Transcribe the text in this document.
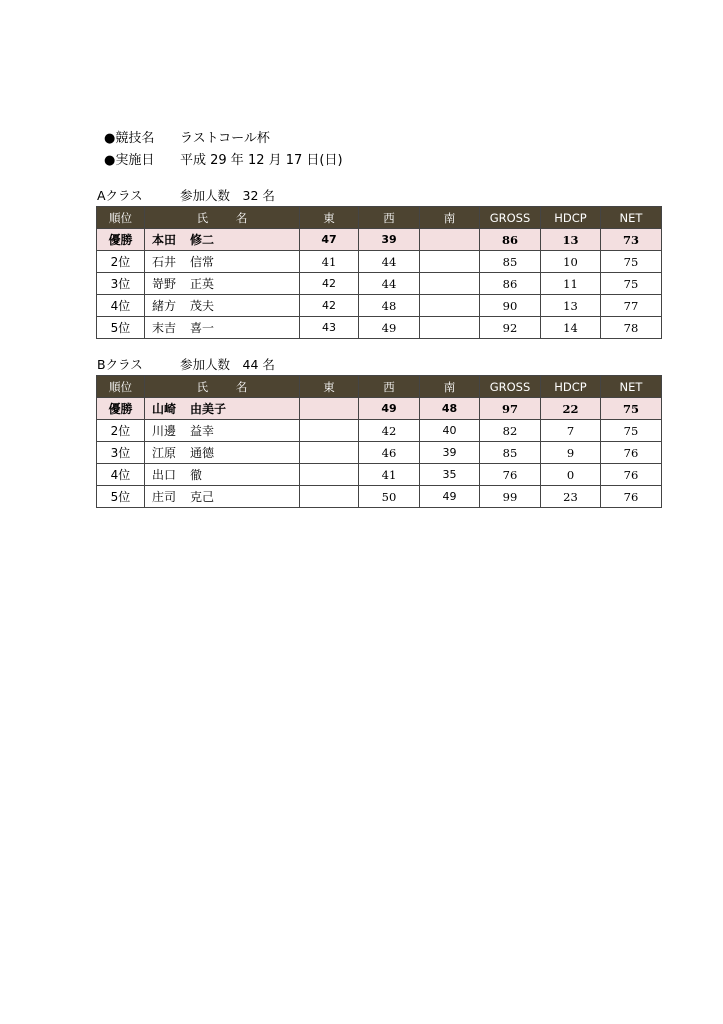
●競技名 ラストコール杯
●実施日 平成 29 年 12 月 17 日(日)
Aクラス	参加人数　32 名
順位	氏 名	東	西	南	GROSS	HDCP	NET
優勝	本田 修二	47	39		86	13	73
2位	石井 信常	41	44		85	10	75
3位	嵜野 正英	42	44		86	11	75
4位	緒方 茂夫	42	48		90	13	77
5位	末吉 喜一	43	49		92	14	78
Bクラス	参加人数　44 名
順位	氏 名	東	西	南	GROSS	HDCP	NET
優勝	山崎 由美子		49	48	97	22	75
2位	川邊 益幸		42	40	82	7	75
3位	江原 通德		46	39	85	9	76
4位	出口 徹		41	35	76	0	76
5位	庄司 克己		50	49	99	23	76
